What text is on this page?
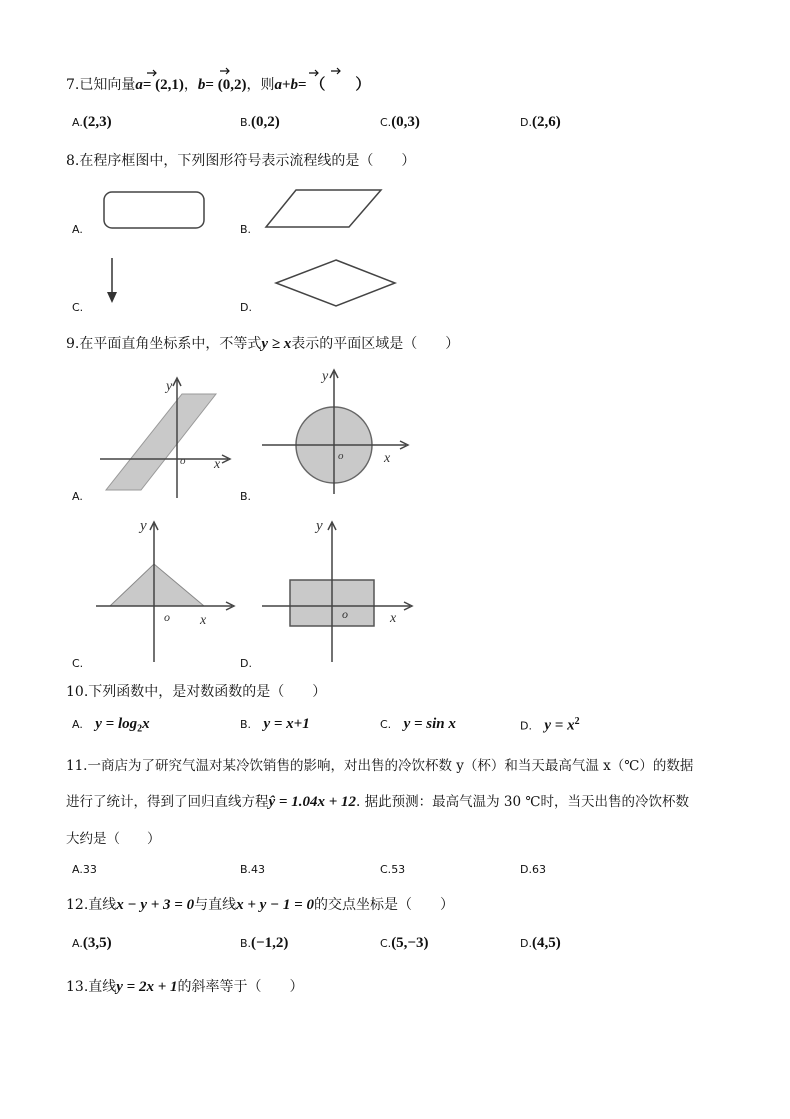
7.已知向量a= (2,1)，b= (0,2)，则a+b= （　　）
A.(2,3)	B.(0,2)	C.(0,3)	D.(2,6)
8.在程序框图中，下列图形符号表示流程线的是（　　）
A.	B.
C.	D.
9.在平面直角坐标系中，不等式y ≥ x表示的平面区域是（　　）
y
x
o
A.
y
x
o
B.
y
x
o
C.
y
x
o
D.
10.下列函数中，是对数函数的是（　　）
A. $y = \log_2x$	B. y = x+1	C. y = sin x	D. $y = x^2$
11.一商店为了研究气温对某冷饮销售的影响，对出售的冷饮杯数 y（杯）和当天最高气温 x（℃）的数据
进行了统计，得到了回归直线方程ŷ = 1.04x + 12. 据此预测：最高气温为 30 ℃时，当天出售的冷饮杯数
大约是（　　）
A.33	B.43	C.53	D.63
12.直线x − y + 3 = 0与直线x + y − 1 = 0的交点坐标是（　　）
A.(3,5)	B.(−1,2)	C.(5,−3)	D.(4,5)
13.直线y = 2x + 1的斜率等于（　　）
